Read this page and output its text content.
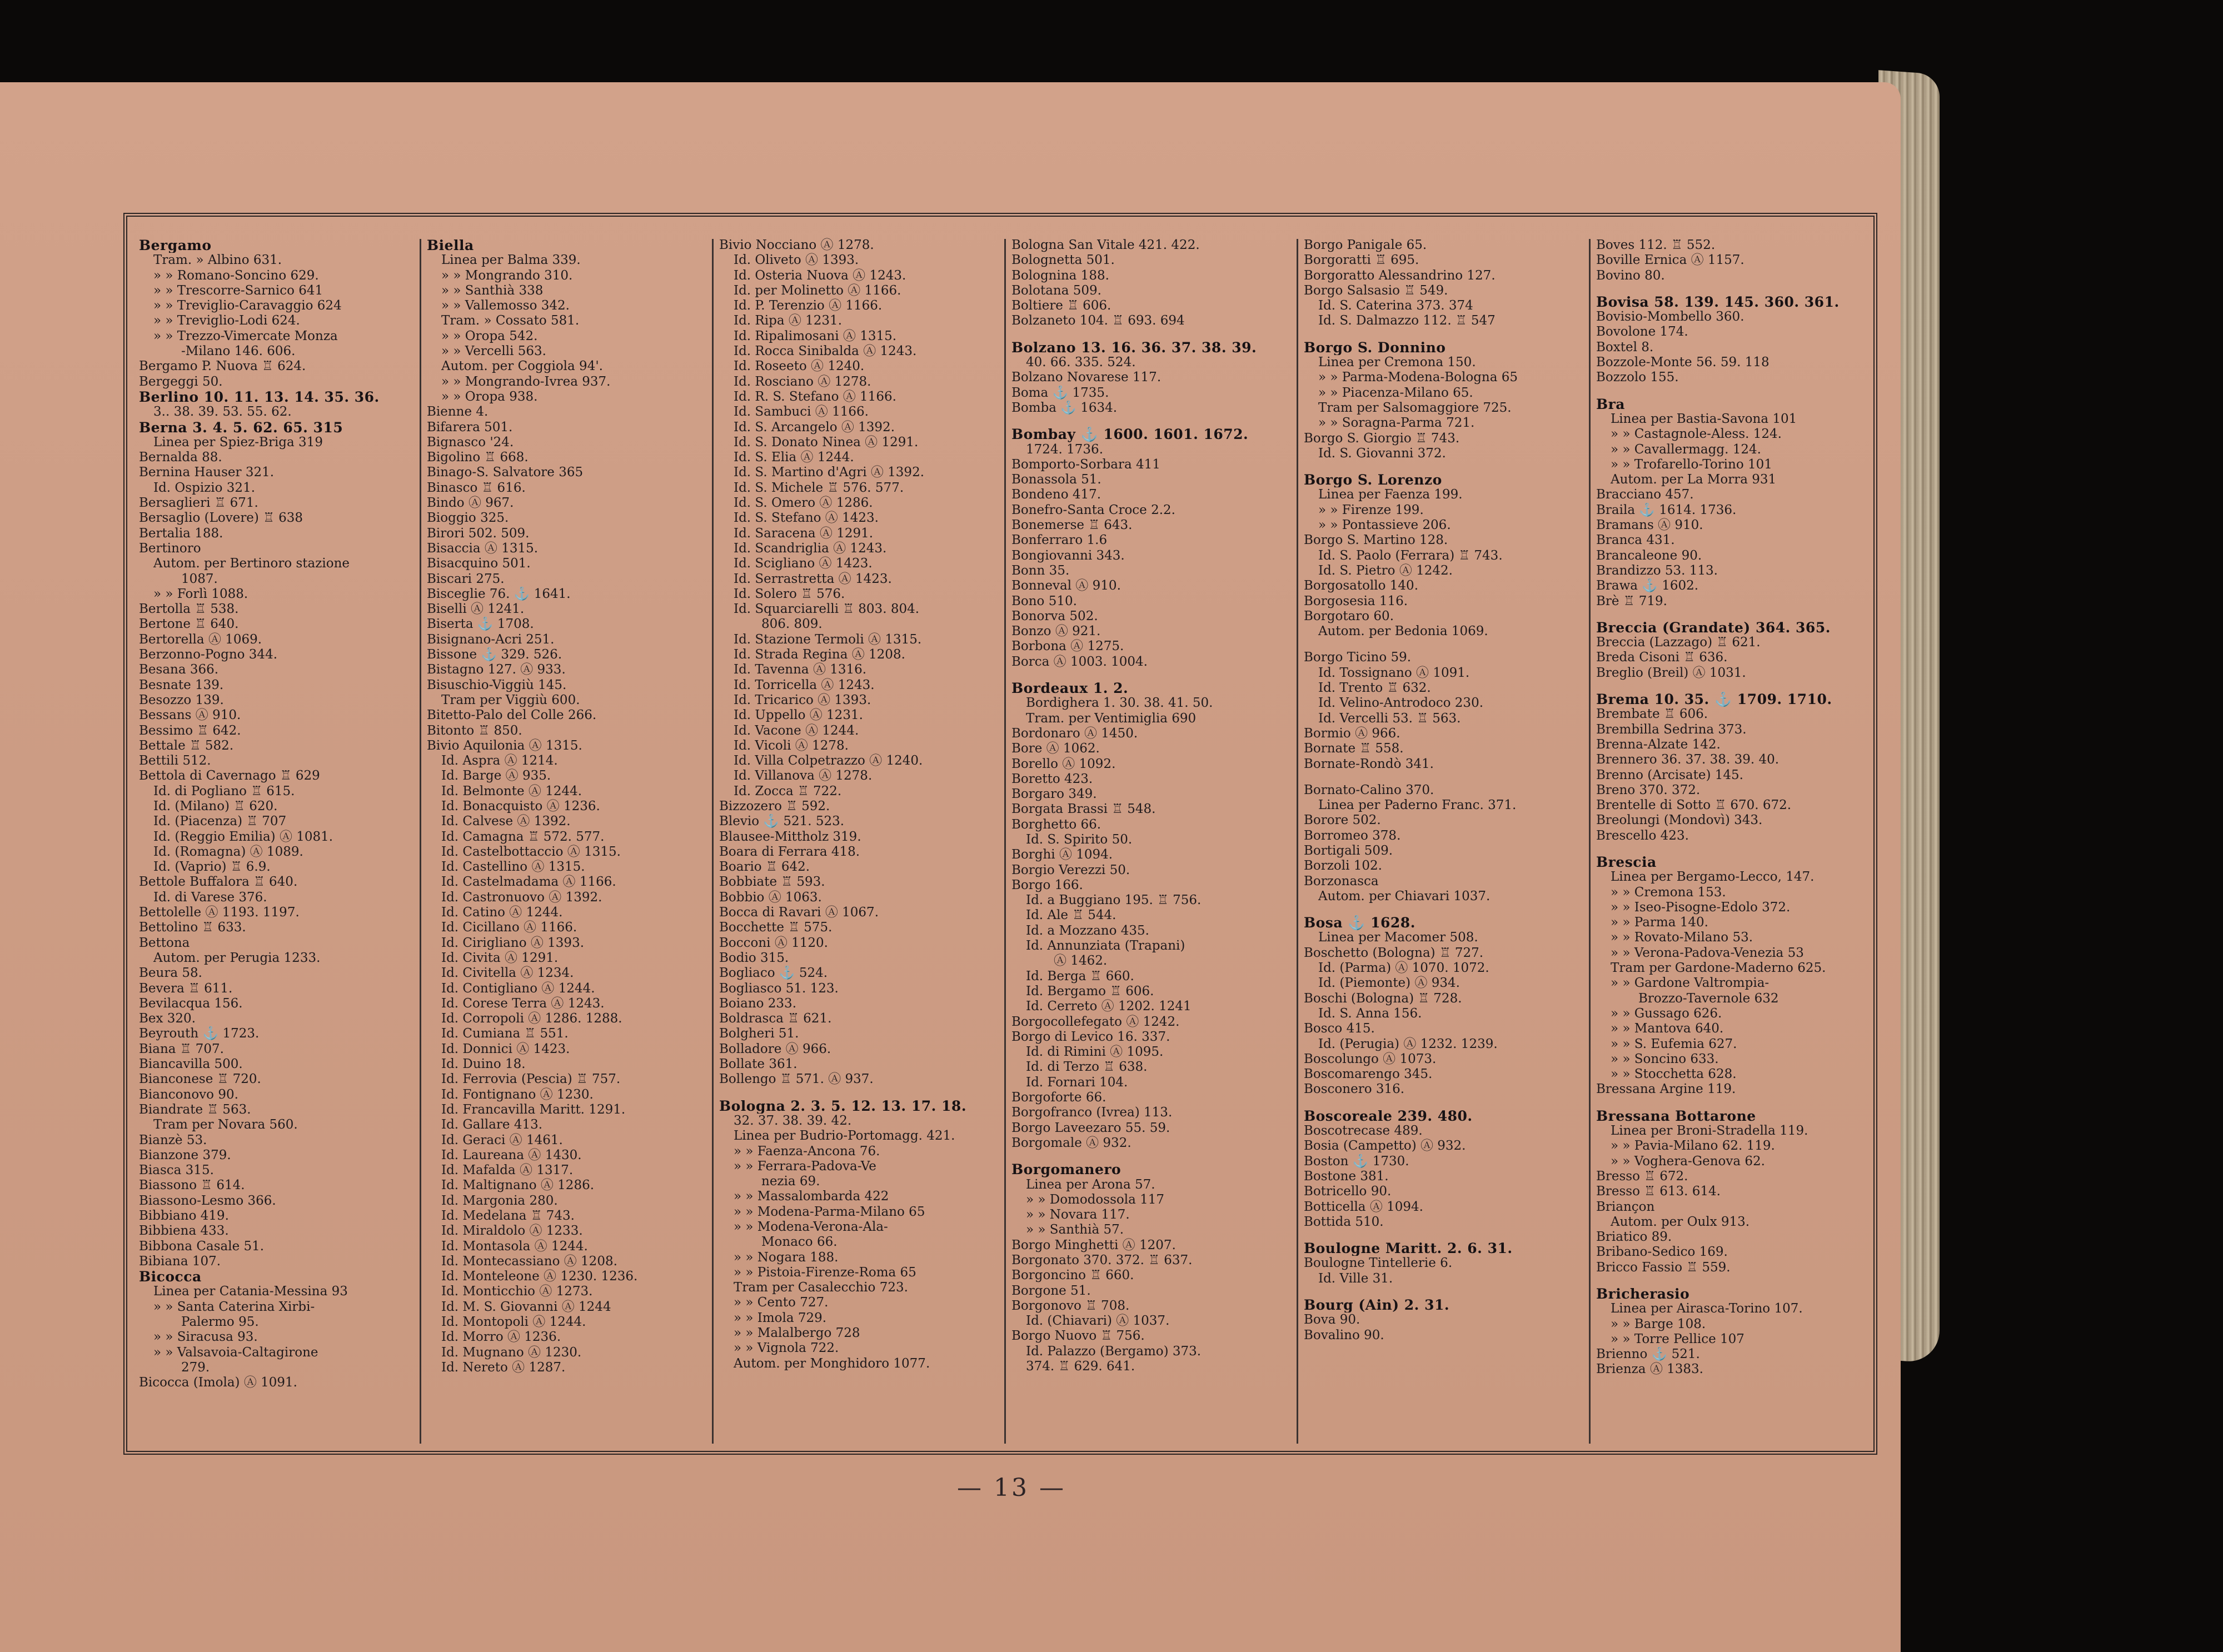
Bergamo
Tram. » Albino 631.
» » Romano-Soncino 629.
» » Trescorre-Sarnico 641
» » Treviglio-Caravaggio 624
» » Treviglio-Lodi 624.
» » Trezzo-Vimercate Monza
-Milano 146. 606.
Bergamo P. Nuova ♖ 624.
Bergeggi 50.
Berlino 10. 11. 13. 14. 35. 36.
3.. 38. 39. 53. 55. 62.
Berna 3. 4. 5. 62. 65. 315
Linea per Spiez-Briga 319
Bernalda 88.
Bernina Hauser 321.
Id. Ospizio 321.
Bersaglieri ♖ 671.
Bersaglio (Lovere) ♖ 638
Bertalia 188.
Bertinoro
Autom. per Bertinoro stazione
1087.
» » Forlì 1088.
Bertolla ♖ 538.
Bertone ♖ 640.
Bertorella Ⓐ 1069.
Berzonno-Pogno 344.
Besana 366.
Besnate 139.
Besozzo 139.
Bessans Ⓐ 910.
Bessimo ♖ 642.
Bettale ♖ 582.
Bettili 512.
Bettola di Cavernago ♖ 629
Id. di Pogliano ♖ 615.
Id. (Milano) ♖ 620.
Id. (Piacenza) ♖ 707
Id. (Reggio Emilia) Ⓐ 1081.
Id. (Romagna) Ⓐ 1089.
Id. (Vaprio) ♖ 6.9.
Bettole Buffalora ♖ 640.
Id. di Varese 376.
Bettolelle Ⓐ 1193. 1197.
Bettolino ♖ 633.
Bettona
Autom. per Perugia 1233.
Beura 58.
Bevera ♖ 611.
Bevilacqua 156.
Bex 320.
Beyrouth ⚓ 1723.
Biana ♖ 707.
Biancavilla 500.
Bianconese ♖ 720.
Bianconovo 90.
Biandrate ♖ 563.
Tram per Novara 560.
Bianzè 53.
Bianzone 379.
Biasca 315.
Biassono ♖ 614.
Biassono-Lesmo 366.
Bibbiano 419.
Bibbiena 433.
Bibbona Casale 51.
Bibiana 107.
Bicocca
Linea per Catania-Messina 93
» » Santa Caterina Xirbi-
Palermo 95.
» » Siracusa 93.
» » Valsavoia-Caltagirone
279.
Bicocca (Imola) Ⓐ 1091.
Biella
Linea per Balma 339.
» » Mongrando 310.
» » Santhià 338
» » Vallemosso 342.
Tram. » Cossato 581.
» » Oropa 542.
» » Vercelli 563.
Autom. per Coggiola 94'.
» » Mongrando-Ivrea 937.
» » Oropa 938.
Bienne 4.
Bifarera 501.
Bignasco '24.
Bigolino ♖ 668.
Binago-S. Salvatore 365
Binasco ♖ 616.
Bindo Ⓐ 967.
Bioggio 325.
Birori 502. 509.
Bisaccia Ⓐ 1315.
Bisacquino 501.
Biscari 275.
Bisceglie 76. ⚓ 1641.
Biselli Ⓐ 1241.
Biserta ⚓ 1708.
Bisignano-Acri 251.
Bissone ⚓ 329. 526.
Bistagno 127. Ⓐ 933.
Bisuschio-Viggiù 145.
Tram per Viggiù 600.
Bitetto-Palo del Colle 266.
Bitonto ♖ 850.
Bivio Aquilonia Ⓐ 1315.
Id. Aspra Ⓐ 1214.
Id. Barge Ⓐ 935.
Id. Belmonte Ⓐ 1244.
Id. Bonacquisto Ⓐ 1236.
Id. Calvese Ⓐ 1392.
Id. Camagna ♖ 572. 577.
Id. Castelbottaccio Ⓐ 1315.
Id. Castellino Ⓐ 1315.
Id. Castelmadama Ⓐ 1166.
Id. Castronuovo Ⓐ 1392.
Id. Catino Ⓐ 1244.
Id. Cicillano Ⓐ 1166.
Id. Cirigliano Ⓐ 1393.
Id. Civita Ⓐ 1291.
Id. Civitella Ⓐ 1234.
Id. Contigliano Ⓐ 1244.
Id. Corese Terra Ⓐ 1243.
Id. Corropoli Ⓐ 1286. 1288.
Id. Cumiana ♖ 551.
Id. Donnici Ⓐ 1423.
Id. Duino 18.
Id. Ferrovia (Pescia) ♖ 757.
Id. Fontignano Ⓐ 1230.
Id. Francavilla Maritt. 1291.
Id. Gallare 413.
Id. Geraci Ⓐ 1461.
Id. Laureana Ⓐ 1430.
Id. Mafalda Ⓐ 1317.
Id. Maltignano Ⓐ 1286.
Id. Margonia 280.
Id. Medelana ♖ 743.
Id. Miraldolo Ⓐ 1233.
Id. Montasola Ⓐ 1244.
Id. Montecassiano Ⓐ 1208.
Id. Monteleone Ⓐ 1230. 1236.
Id. Monticchio Ⓐ 1273.
Id. M. S. Giovanni Ⓐ 1244
Id. Montopoli Ⓐ 1244.
Id. Morro Ⓐ 1236.
Id. Mugnano Ⓐ 1230.
Id. Nereto Ⓐ 1287.
Bivio Nocciano Ⓐ 1278.
Id. Oliveto Ⓐ 1393.
Id. Osteria Nuova Ⓐ 1243.
Id. per Molinetto Ⓐ 1166.
Id. P. Terenzio Ⓐ 1166.
Id. Ripa Ⓐ 1231.
Id. Ripalimosani Ⓐ 1315.
Id. Rocca Sinibalda Ⓐ 1243.
Id. Roseeto Ⓐ 1240.
Id. Rosciano Ⓐ 1278.
Id. R. S. Stefano Ⓐ 1166.
Id. Sambuci Ⓐ 1166.
Id. S. Arcangelo Ⓐ 1392.
Id. S. Donato Ninea Ⓐ 1291.
Id. S. Elia Ⓐ 1244.
Id. S. Martino d'Agri Ⓐ 1392.
Id. S. Michele ♖ 576. 577.
Id. S. Omero Ⓐ 1286.
Id. S. Stefano Ⓐ 1423.
Id. Saracena Ⓐ 1291.
Id. Scandriglia Ⓐ 1243.
Id. Sciglianο Ⓐ 1423.
Id. Serrastretta Ⓐ 1423.
Id. Solero ♖ 576.
Id. Squarciarelli ♖ 803. 804.
806. 809.
Id. Stazione Termoli Ⓐ 1315.
Id. Strada Regina Ⓐ 1208.
Id. Tavenna Ⓐ 1316.
Id. Torricella Ⓐ 1243.
Id. Tricarico Ⓐ 1393.
Id. Uppello Ⓐ 1231.
Id. Vacone Ⓐ 1244.
Id. Vicoli Ⓐ 1278.
Id. Villa Colpetrazzo Ⓐ 1240.
Id. Villanova Ⓐ 1278.
Id. Zocca ♖ 722.
Bizzozero ♖ 592.
Blevio ⚓ 521. 523.
Blausee-Mittholz 319.
Boara di Ferrara 418.
Boario ♖ 642.
Bobbiate ♖ 593.
Bobbio Ⓐ 1063.
Bocca di Ravari Ⓐ 1067.
Bocchette ♖ 575.
Bocconi Ⓐ 1120.
Bodio 315.
Bogliaco ⚓ 524.
Bogliasco 51. 123.
Boiano 233.
Boldrasca ♖ 621.
Bolgheri 51.
Bolladore Ⓐ 966.
Bollate 361.
Bollengo ♖ 571. Ⓐ 937.
Bologna 2. 3. 5. 12. 13. 17. 18.
32. 37. 38. 39. 42.
Linea per Budrio-Portomagg. 421.
» » Faenza-Ancona 76.
» » Ferrara-Padova-Ve
nezia 69.
» » Massalombarda 422
» » Modena-Parma-Milano 65
» » Modena-Verona-Ala-
Monaco 66.
» » Nogara 188.
» » Pistoia-Firenze-Roma 65
Tram per Casalecchio 723.
» » Cento 727.
» » Imola 729.
» » Malalbergo 728
» » Vignola 722.
Autom. per Monghidoro 1077.
Bologna San Vitale 421. 422.
Bolognetta 501.
Bolognina 188.
Bolotana 509.
Boltiere ♖ 606.
Bolzaneto 104. ♖ 693. 694
Bolzano 13. 16. 36. 37. 38. 39.
40. 66. 335. 524.
Bolzano Novarese 117.
Boma ⚓ 1735.
Bomba ⚓ 1634.
Bombay ⚓ 1600. 1601. 1672.
1724. 1736.
Bomporto-Sorbara 411
Bonassola 51.
Bondeno 417.
Bonefro-Santa Croce 2.2.
Bonemerse ♖ 643.
Bonferraro 1.6
Bongiovanni 343.
Bonn 35.
Bonneval Ⓐ 910.
Bono 510.
Bonorva 502.
Bonzo Ⓐ 921.
Borbona Ⓐ 1275.
Borca Ⓐ 1003. 1004.
Bordeaux 1. 2.
Bordighera 1. 30. 38. 41. 50.
Tram. per Ventimiglia 690
Bordonaro Ⓐ 1450.
Bore Ⓐ 1062.
Borello Ⓐ 1092.
Boretto 423.
Borgaro 349.
Borgata Brassi ♖ 548.
Borghetto 66.
Id. S. Spirito 50.
Borghi Ⓐ 1094.
Borgio Verezzi 50.
Borgo 166.
Id. a Buggiano 195. ♖ 756.
Id. Ale ♖ 544.
Id. a Mozzano 435.
Id. Annunziata (Trapani)
Ⓐ 1462.
Id. Berga ♖ 660.
Id. Bergamo ♖ 606.
Id. Cerreto Ⓐ 1202. 1241
Borgocollefegato Ⓐ 1242.
Borgo di Levico 16. 337.
Id. di Rimini Ⓐ 1095.
Id. di Terzo ♖ 638.
Id. Fornari 104.
Borgoforte 66.
Borgofranco (Ivrea) 113.
Borgo Laveezaro 55. 59.
Borgomale Ⓐ 932.
Borgomanero
Linea per Arona 57.
» » Domodossola 117
» » Novara 117.
» » Santhià 57.
Borgo Minghetti Ⓐ 1207.
Borgonato 370. 372. ♖ 637.
Borgoncino ♖ 660.
Borgone 51.
Borgonovo ♖ 708.
Id. (Chiavari) Ⓐ 1037.
Borgo Nuovo ♖ 756.
Id. Palazzo (Bergamo) 373.
374. ♖ 629. 641.
Borgo Panigale 65.
Borgoratti ♖ 695.
Borgoratto Alessandrino 127.
Borgo Salsasio ♖ 549.
Id. S. Caterina 373. 374
Id. S. Dalmazzo 112. ♖ 547
Borgo S. Donnino
Linea per Cremona 150.
» » Parma-Modena-Bologna 65
» » Piacenza-Milano 65.
Tram per Salsomaggiore 725.
» » Soragna-Parma 721.
Borgo S. Giorgio ♖ 743.
Id. S. Giovanni 372.
Borgo S. Lorenzo
Linea per Faenza 199.
» » Firenze 199.
» » Pontassieve 206.
Borgo S. Martino 128.
Id. S. Paolo (Ferrara) ♖ 743.
Id. S. Pietro Ⓐ 1242.
Borgosatollo 140.
Borgosesia 116.
Borgotaro 60.
Autom. per Bedonia 1069.
Borgo Ticino 59.
Id. Tossignano Ⓐ 1091.
Id. Trento ♖ 632.
Id. Velino-Antrodoco 230.
Id. Vercelli 53. ♖ 563.
Bormio Ⓐ 966.
Bornate ♖ 558.
Bornate-Rondò 341.
Bornato-Calino 370.
Linea per Paderno Franc. 371.
Borore 502.
Borromeo 378.
Bortigali 509.
Borzoli 102.
Borzonasca
Autom. per Chiavari 1037.
Bosa ⚓ 1628.
Linea per Macomer 508.
Boschetto (Bologna) ♖ 727.
Id. (Parma) Ⓐ 1070. 1072.
Id. (Piemonte) Ⓐ 934.
Boschi (Bologna) ♖ 728.
Id. S. Anna 156.
Bosco 415.
Id. (Perugia) Ⓐ 1232. 1239.
Boscolungo Ⓐ 1073.
Boscomarengo 345.
Bosconero 316.
Boscoreale 239. 480.
Boscotrecase 489.
Bosia (Campetto) Ⓐ 932.
Boston ⚓ 1730.
Bostone 381.
Botricello 90.
Botticella Ⓐ 1094.
Bottida 510.
Boulogne Maritt. 2. 6. 31.
Boulogne Tintellerie 6.
Id. Ville 31.
Bourg (Ain) 2. 31.
Bova 90.
Bovalino 90.
Boves 112. ♖ 552.
Boville Ernica Ⓐ 1157.
Bovino 80.
Bovisa 58. 139. 145. 360. 361.
Bovisio-Mombello 360.
Bovolone 174.
Boxtel 8.
Bozzole-Monte 56. 59. 118
Bozzolo 155.
Bra
Linea per Bastia-Savona 101
» » Castagnole-Aless. 124.
» » Cavallermagg. 124.
» » Trofarello-Torino 101
Autom. per La Morra 931
Bracciano 457.
Braila ⚓ 1614. 1736.
Bramans Ⓐ 910.
Branca 431.
Brancaleone 90.
Brandizzo 53. 113.
Brawa ⚓ 1602.
Brè ♖ 719.
Breccia (Grandate) 364. 365.
Breccia (Lazzago) ♖ 621.
Breda Cisoni ♖ 636.
Breglio (Breil) Ⓐ 1031.
Brema 10. 35. ⚓ 1709. 1710.
Brembate ♖ 606.
Brembilla Sedrina 373.
Brenna-Alzate 142.
Brennero 36. 37. 38. 39. 40.
Brenno (Arcisate) 145.
Breno 370. 372.
Brentelle di Sotto ♖ 670. 672.
Breolungi (Mondovì) 343.
Brescello 423.
Brescia
Linea per Bergamo-Lecco, 147.
» » Cremona 153.
» » Iseo-Pisogne-Edolo 372.
» » Parma 140.
» » Rovato-Milano 53.
» » Verona-Padova-Venezia 53
Tram per Gardone-Maderno 625.
» » Gardone Valtrompia-
Brozzo-Tavernole 632
» » Gussago 626.
» » Mantova 640.
» » S. Eufemia 627.
» » Soncino 633.
» » Stocchetta 628.
Bressana Argine 119.
Bressana Bottarone
Linea per Broni-Stradella 119.
» » Pavia-Milano 62. 119.
» » Voghera-Genova 62.
Bresso ♖ 672.
Bresso ♖ 613. 614.
Briançon
Autom. per Oulx 913.
Briatico 89.
Bribano-Sedico 169.
Bricco Fassio ♖ 559.
Bricherasio
Linea per Airasca-Torino 107.
» » Barge 108.
» » Torre Pellice 107
Brienno ⚓ 521.
Brienza Ⓐ 1383.
— 13 —
